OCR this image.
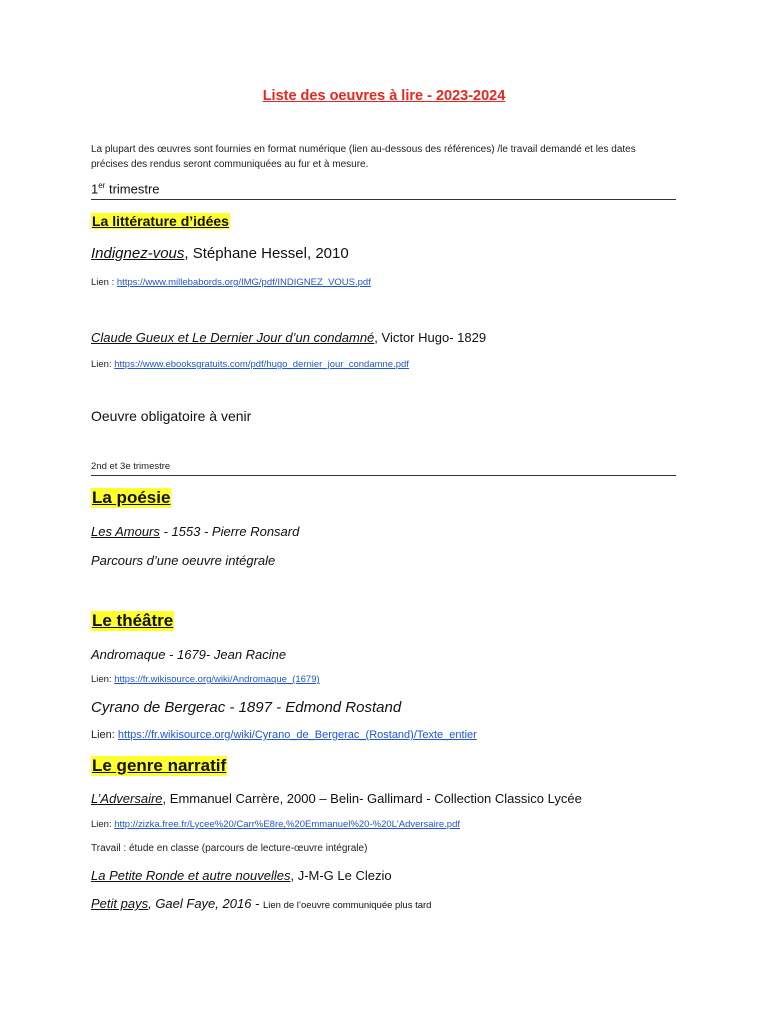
Liste des oeuvres à lire - 2023-2024
La plupart des œuvres sont fournies en format numérique (lien au-dessous des références) /le travail demandé et les dates
précises des rendus seront communiquées au fur et à mesure.
1er trimestre
La littérature d’idées
Indignez-vous, Stéphane Hessel, 2010
Lien : https://www.millebabords.org/IMG/pdf/INDIGNEZ_VOUS.pdf
Claude Gueux et Le Dernier Jour d’un condamné, Victor Hugo- 1829
Lien: https://www.ebooksgratuits.com/pdf/hugo_dernier_jour_condamne.pdf
Oeuvre obligatoire à venir
2nd et 3e trimestre
La poésie
Les Amours - 1553 - Pierre Ronsard
Parcours d’une oeuvre intégrale
Le théâtre
Andromaque - 1679- Jean Racine
Lien: https://fr.wikisource.org/wiki/Andromaque_(1679)
Cyrano de Bergerac - 1897 - Edmond Rostand
Lien: https://fr.wikisource.org/wiki/Cyrano_de_Bergerac_(Rostand)/Texte_entier
Le genre narratif
L’Adversaire, Emmanuel Carrère, 2000 – Belin- Gallimard - Collection Classico Lycée
Lien: http://zizka.free.fr/Lycee%20/Carr%E8re,%20Emmanuel%20-%20L'Adversaire.pdf
Travail : étude en classe (parcours de lecture-œuvre intégrale)
La Petite Ronde et autre nouvelles, J-M-G Le Clezio
Petit pays, Gael Faye, 2016 - Lien de l’oeuvre communiquée plus tard
